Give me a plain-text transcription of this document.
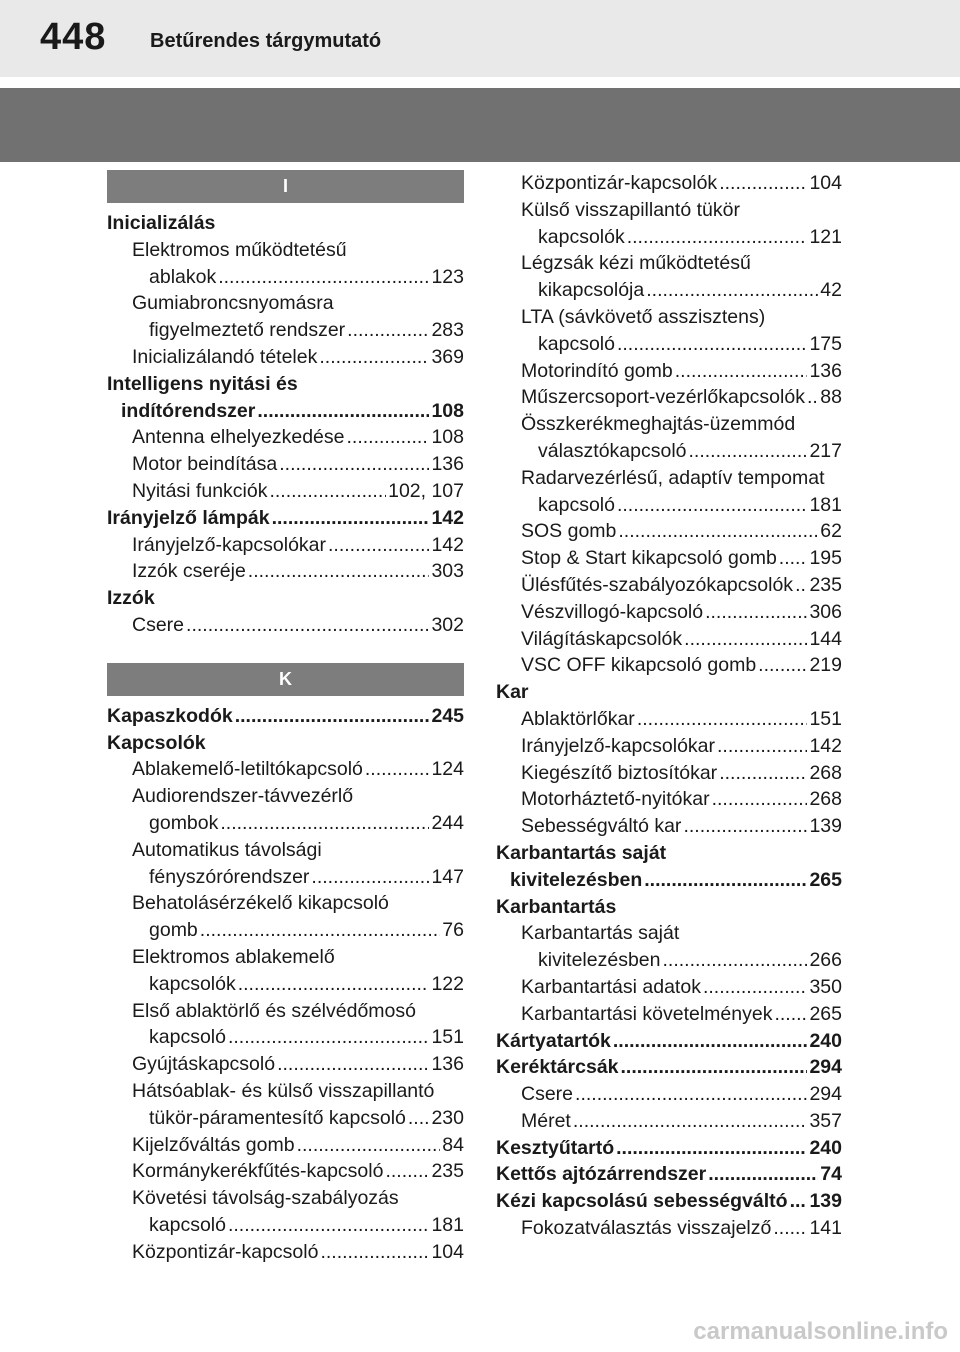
448 Betűrendes tárgymutató
I
Inicializálás
Elektromos működtetésű
ablakok .....	123
Gumiabroncsnyomásra
figyelmeztető rendszer .....	283
Inicializálandó tételek .....	369
Intelligens nyitási és
indítórendszer .....	108
Antenna elhelyezkedése .....	108
Motor beindítása .....	136
Nyitási funkciók .....	102, 107
Irányjelző lámpák .....	142
Irányjelző-kapcsolókar .....	142
Izzók cseréje .....	303
Izzók
Csere .....	302
K
Kapaszkodók .....	245
Kapcsolók
Ablakemelő-letiltókapcsoló .....	124
Audiorendszer-távvezérlő
gombok .....	244
Automatikus távolsági
fényszórórendszer .....	147
Behatolásérzékelő kikapcsoló
gomb .....	76
Elektromos ablakemelő
kapcsolók .....	122
Első ablaktörlő és szélvédőmosó
kapcsoló .....	151
Gyújtáskapcsoló .....	136
Hátsóablak- és külső visszapillantó
tükör-páramentesítő kapcsoló ..... 230
Kijelzőváltás gomb .....	84
Kormánykerékfűtés-kapcsoló ..... 235
Követési távolság-szabályozás
kapcsoló .....	181
Központizár-kapcsoló .....	104
Központizár-kapcsolók .....	104
Külső visszapillantó tükör
kapcsolók .....	121
Légzsák kézi működtetésű
kikapcsolója .....	42
LTA (sávkövető asszisztens)
kapcsoló .....	175
Motorindító gomb .....	136
Műszercsoport-vezérlőkapcsolók ..... 88
Összkerékmeghajtás-üzemmód
választókapcsoló .....	217
Radarvezérlésű, adaptív tempomat
kapcsoló .....	181
SOS gomb .....	62
Stop & Start kikapcsoló gomb ..... 195
Ülésfűtés-szabályozókapcsolók ..... 235
Vészvillogó-kapcsoló .....	306
Világításkapcsolók .....	144
VSC OFF kikapcsoló gomb .....	219
Kar
Ablaktörlőkar .....	151
Irányjelző-kapcsolókar .....	142
Kiegészítő biztosítókar .....	268
Motorháztető-nyitókar .....	268
Sebességváltó kar .....	139
Karbantartás saját
kivitelezésben .....	265
Karbantartás
Karbantartás saját
kivitelezésben .....	266
Karbantartási adatok .....	350
Karbantartási követelmények ..... 265
Kártyatartók .....	240
Keréktárcsák .....	294
Csere .....	294
Méret .....	357
Kesztyűtartó .....	240
Kettős ajtózárrendszer .....	74
Kézi kapcsolású sebességváltó ..... 139
Fokozatválasztás visszajelző ..... 141
carmanualsonline.info
